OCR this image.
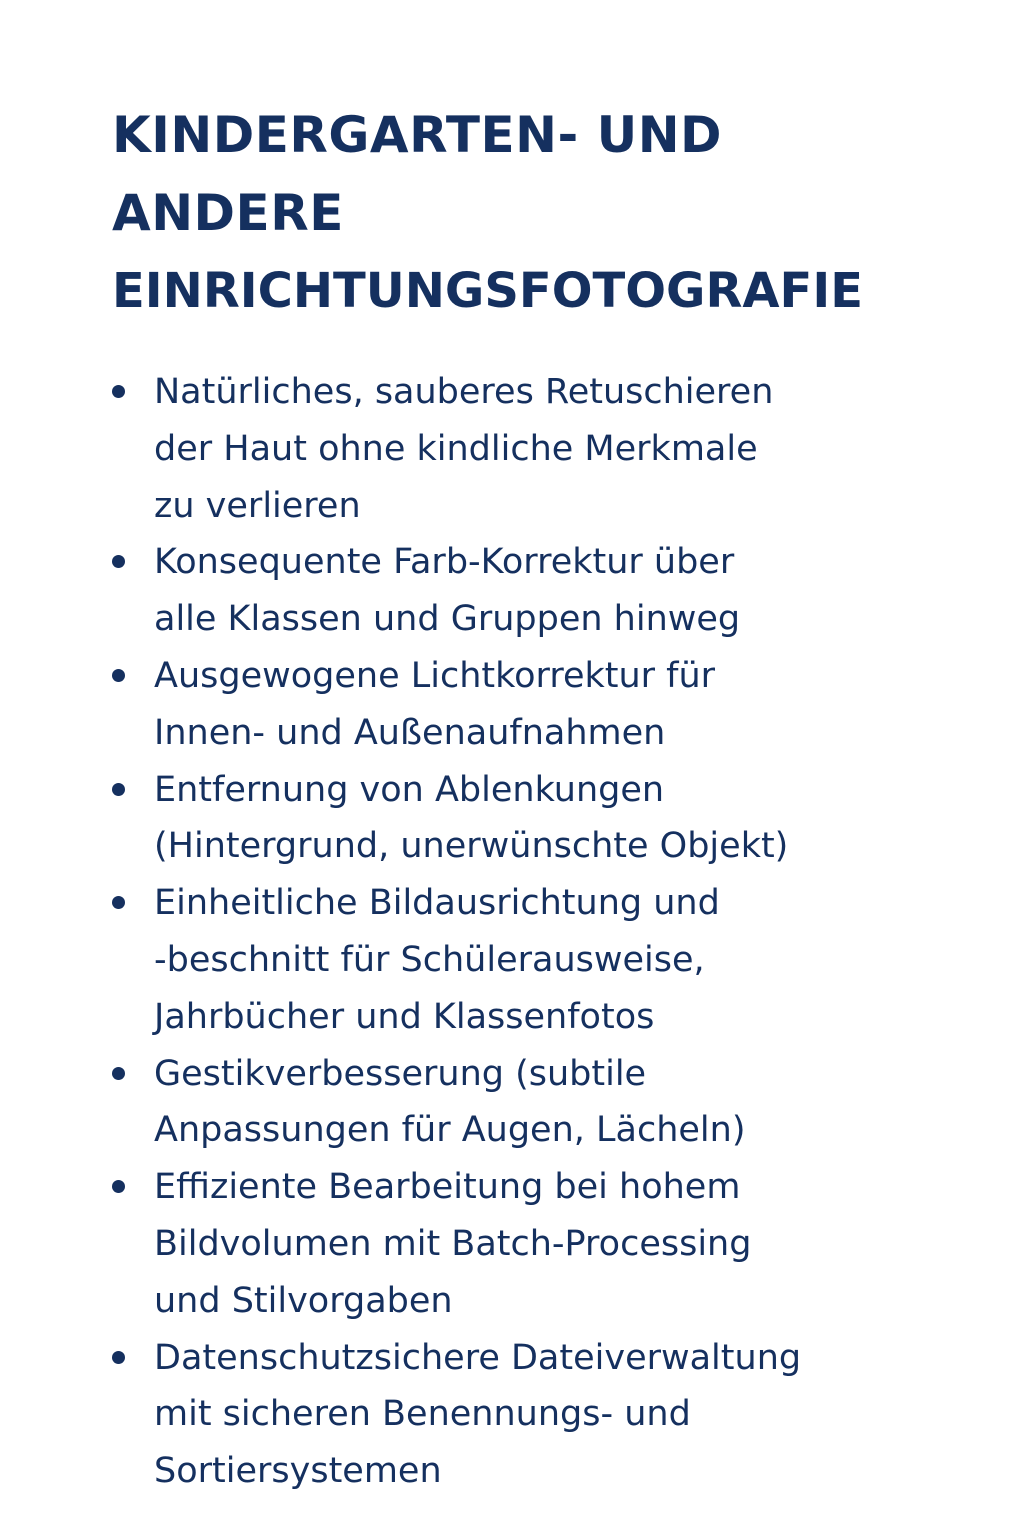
KINDERGARTEN- UND
ANDERE
EINRICHTUNGSFOTOGRAFIE
Natürliches, sauberes Retuschieren
der Haut ohne kindliche Merkmale
zu verlieren
Konsequente Farb-Korrektur über
alle Klassen und Gruppen hinweg
Ausgewogene Lichtkorrektur für
Innen- und Außenaufnahmen
Entfernung von Ablenkungen
(Hintergrund, unerwünschte Objekt)
Einheitliche Bildausrichtung und
-beschnitt für Schülerausweise,
Jahrbücher und Klassenfotos
Gestikverbesserung (subtile
Anpassungen für Augen, Lächeln)
Effiziente Bearbeitung bei hohem
Bildvolumen mit Batch-Processing
und Stilvorgaben
Datenschutzsichere Dateiverwaltung
mit sicheren Benennungs- und
Sortiersystemen
